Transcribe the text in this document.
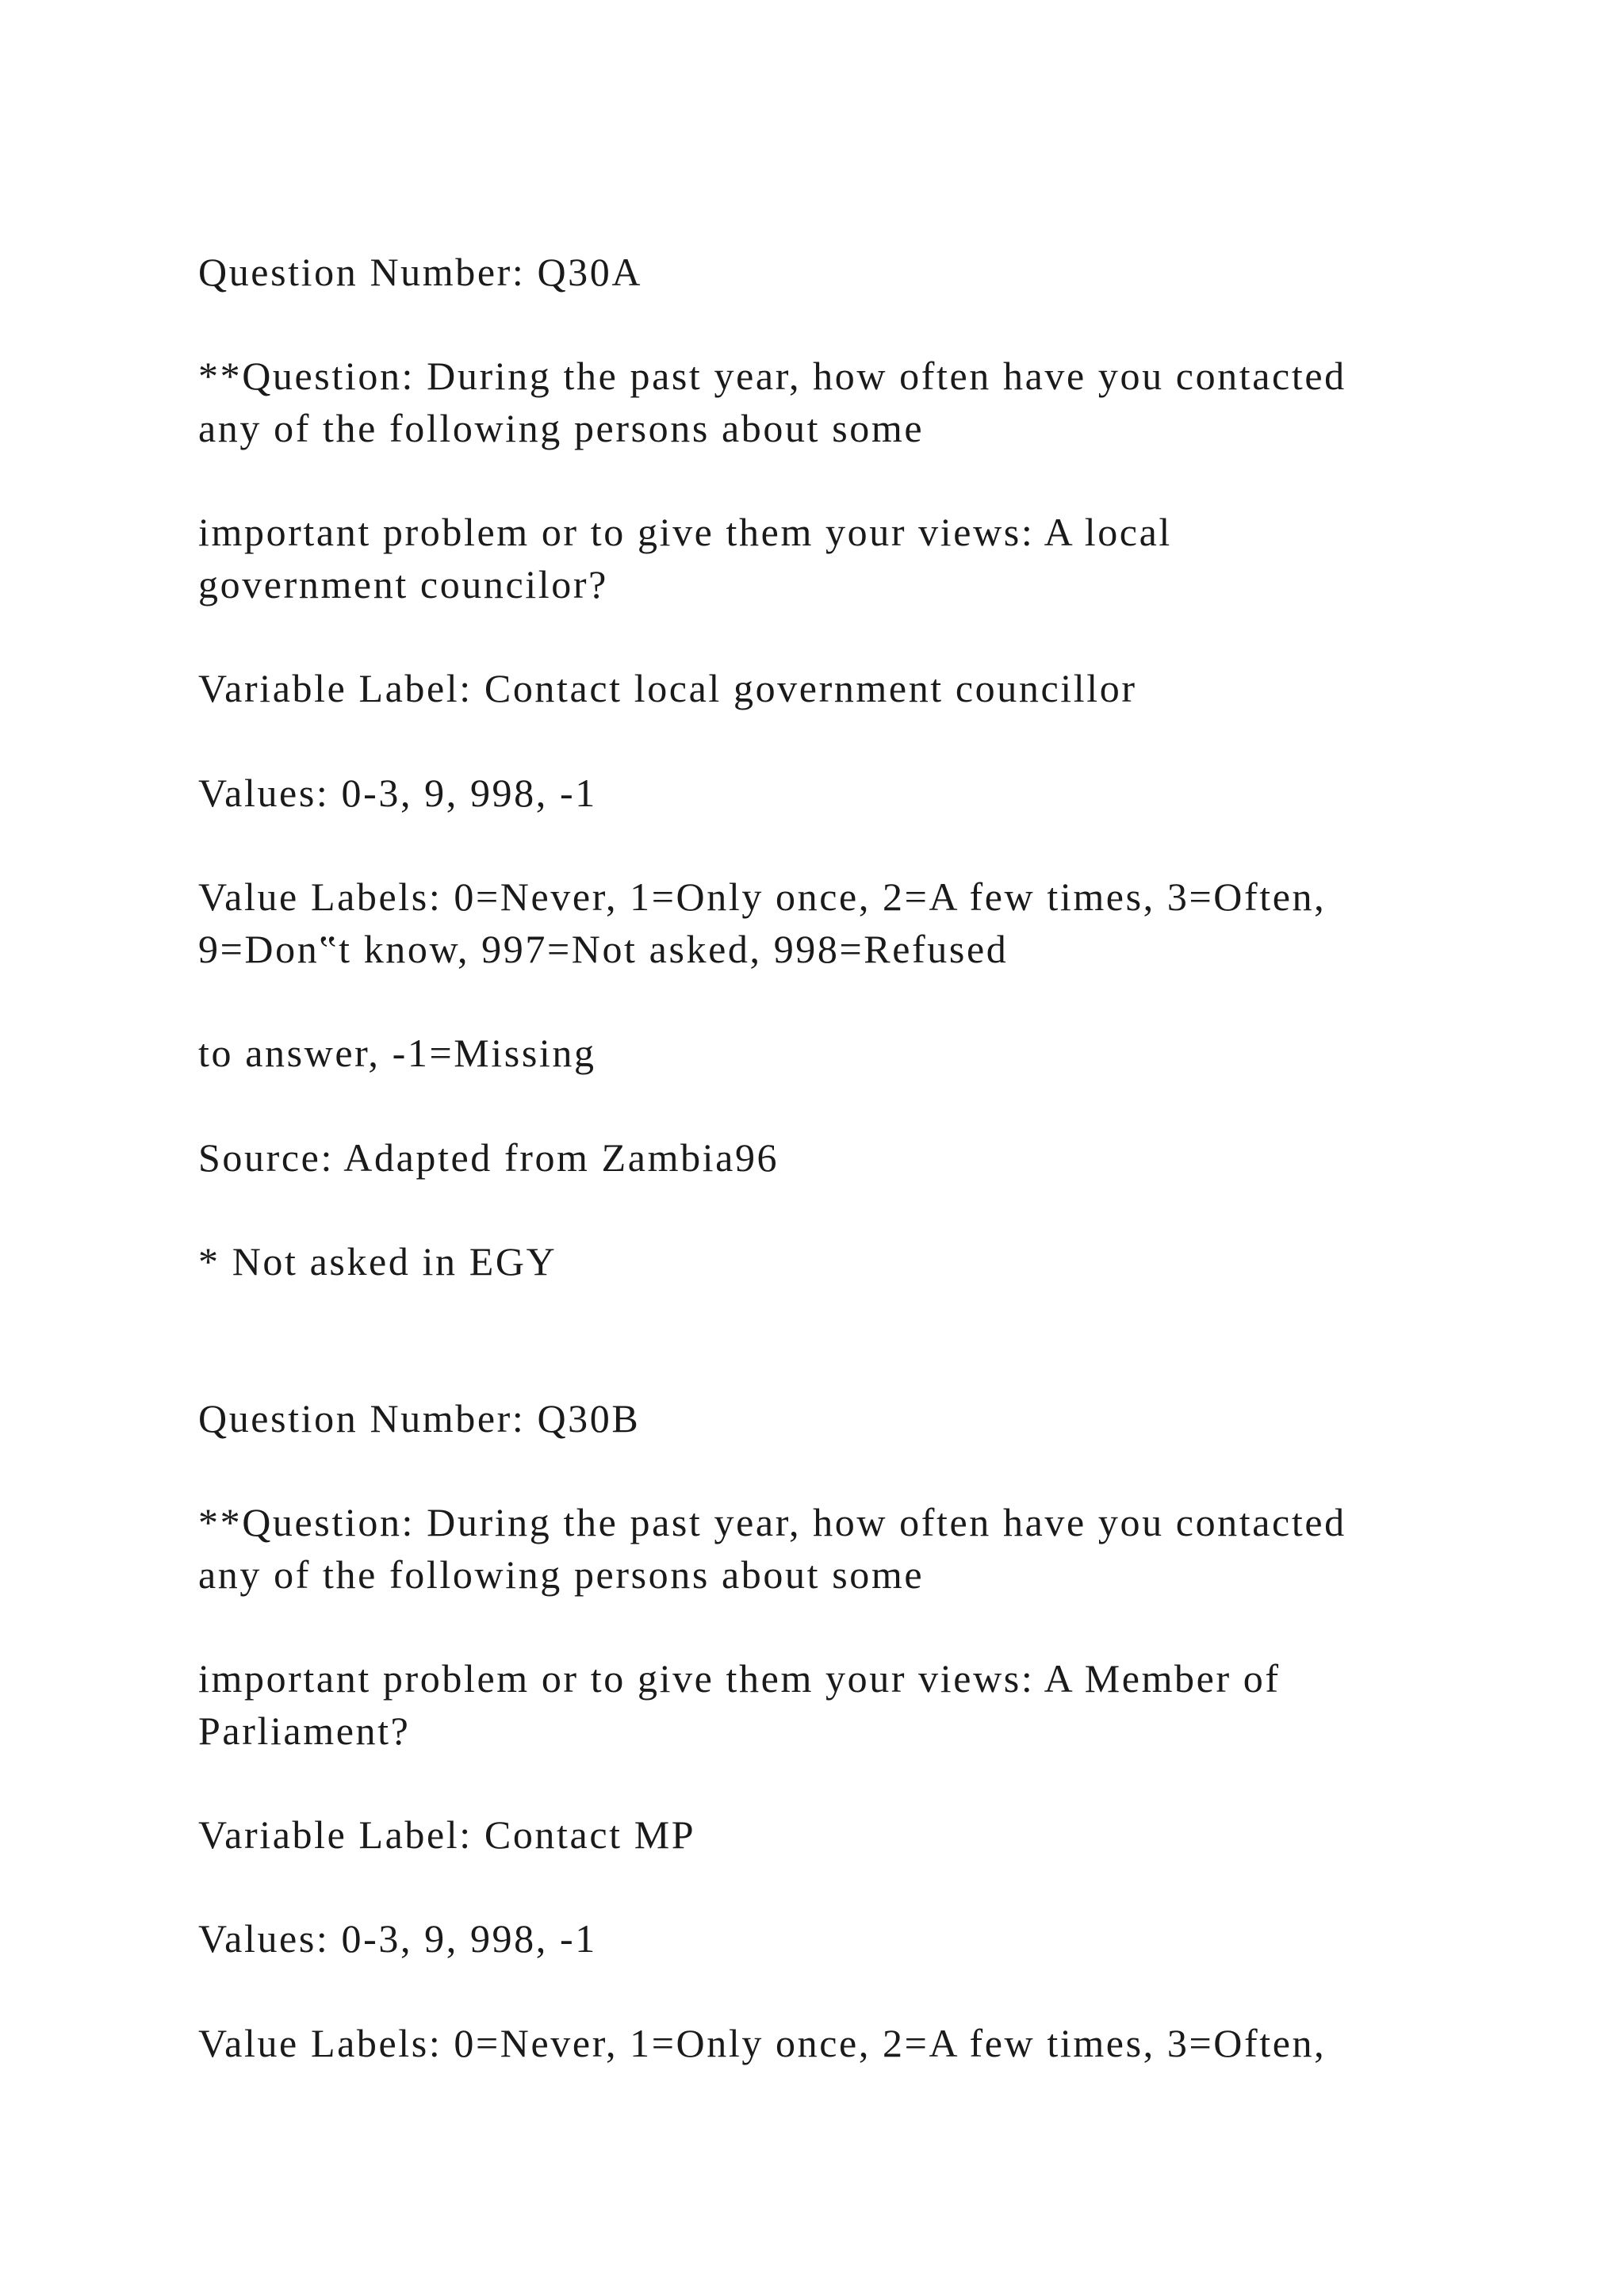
Question Number: Q30A

**Question: During the past year, how often have you contacted

any of the following persons about some

important problem or to give them your views: A local

government councilor?

Variable Label: Contact local government councillor

Values: 0-3, 9, 998, -1

Value Labels: 0=Never, 1=Only once, 2=A few times, 3=Often,

9=Don‟t know, 997=Not asked, 998=Refused

to answer, -1=Missing

Source: Adapted from Zambia96

* Not asked in EGY

Question Number: Q30B

**Question: During the past year, how often have you contacted

any of the following persons about some

important problem or to give them your views: A Member of

Parliament?

Variable Label: Contact MP

Values: 0-3, 9, 998, -1

Value Labels: 0=Never, 1=Only once, 2=A few times, 3=Often,
